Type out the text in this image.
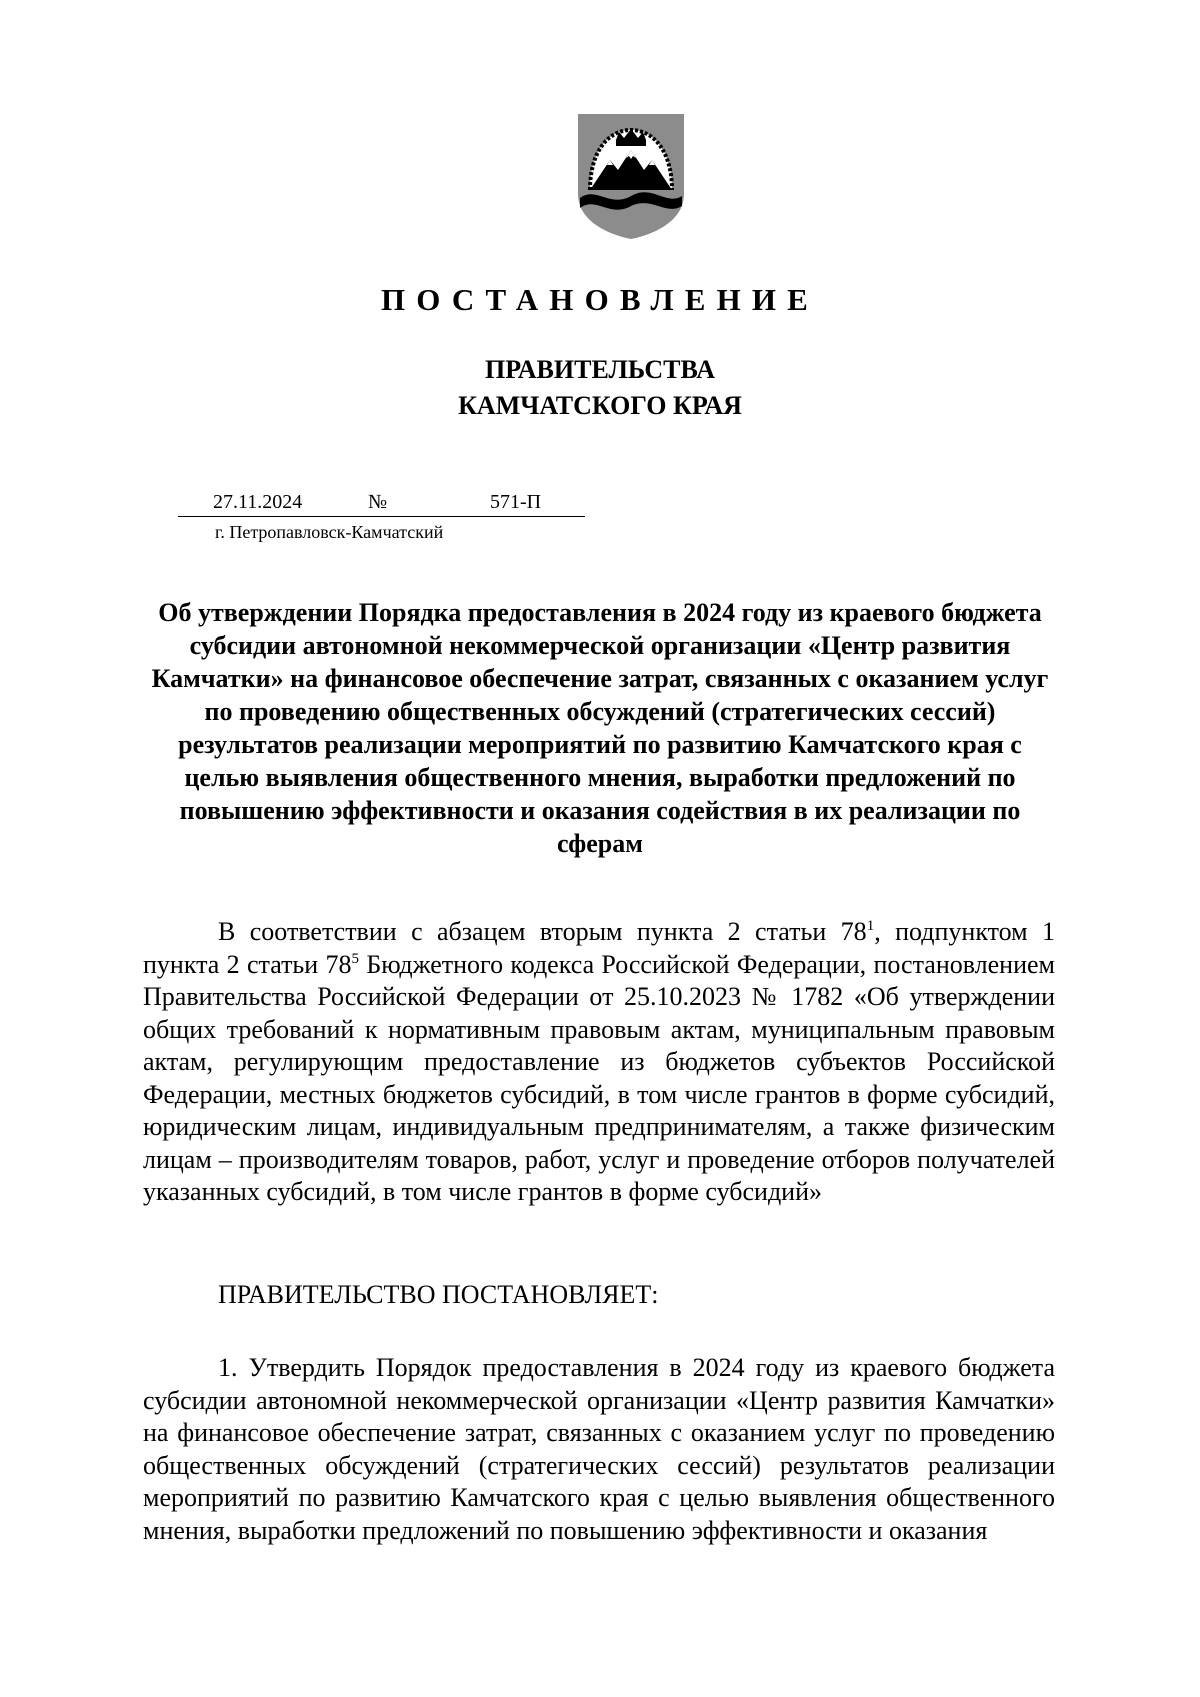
ПОСТАНОВЛЕНИЕ
ПРАВИТЕЛЬСТВА
КАМЧАТСКОГО КРАЯ
27.11.2024	№	571-П
г. Петропавловск-Камчатский
Об утверждении Порядка предоставления в 2024 году из краевого бюджета субсидии автономной некоммерческой организации «Центр развития Камчатки» на финансовое обеспечение затрат, связанных с оказанием услуг по проведению общественных обсуждений (стратегических сессий) результатов реализации мероприятий по развитию Камчатского края с целью выявления общественного мнения, выработки предложений по повышению эффективности и оказания содействия в их реализации по сферам
В соответствии с абзацем вторым пункта 2 статьи $78^1$, подпунктом 1 пункта 2 статьи $78^5$ Бюджетного кодекса Российской Федерации, постановлением Правительства Российской Федерации от 25.10.2023 № 1782 «Об утверждении общих требований к нормативным правовым актам, муниципальным правовым актам, регулирующим предоставление из бюджетов субъектов Российской Федерации, местных бюджетов субсидий, в том числе грантов в форме субсидий, юридическим лицам, индивидуальным предпринимателям, а также физическим лицам – производителям товаров, работ, услуг и проведение отборов получателей указанных субсидий, в том числе грантов в форме субсидий»
ПРАВИТЕЛЬСТВО ПОСТАНОВЛЯЕТ:
1. Утвердить Порядок предоставления в 2024 году из краевого бюджета субсидии автономной некоммерческой организации «Центр развития Камчатки» на финансовое обеспечение затрат, связанных с оказанием услуг по проведению общественных обсуждений (стратегических сессий) результатов реализации мероприятий по развитию Камчатского края с целью выявления общественного мнения, выработки предложений по повышению эффективности и оказания
